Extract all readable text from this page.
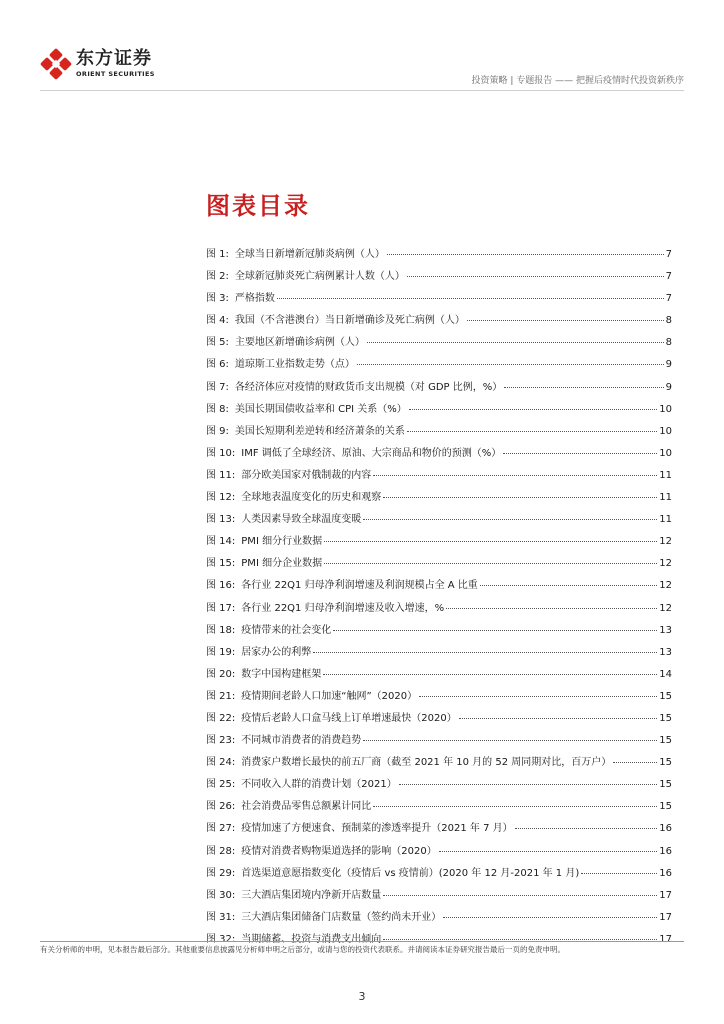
东方证券
ORIENT SECURITIES
投资策略 | 专题报告 —— 把握后疫情时代投资新秩序
图表目录
图 1: 全球当日新增新冠肺炎病例（人）	7
图 2: 全球新冠肺炎死亡病例累计人数（人）	7
图 3: 严格指数	7
图 4: 我国（不含港澳台）当日新增确诊及死亡病例（人）	8
图 5: 主要地区新增确诊病例（人）	8
图 6: 道琼斯工业指数走势（点）	9
图 7: 各经济体应对疫情的财政货币支出规模（对 GDP 比例，%）	9
图 8: 美国长期国债收益率和 CPI 关系（%）	10
图 9: 美国长短期利差逆转和经济萧条的关系	10
图 10: IMF 调低了全球经济、原油、大宗商品和物价的预测（%）	10
图 11: 部分欧美国家对俄制裁的内容	11
图 12: 全球地表温度变化的历史和观察	11
图 13: 人类因素导致全球温度变暖	11
图 14: PMI 细分行业数据	12
图 15: PMI 细分企业数据	12
图 16: 各行业 22Q1 归母净利润增速及利润规模占全 A 比重	12
图 17: 各行业 22Q1 归母净利润增速及收入增速，%	12
图 18: 疫情带来的社会变化	13
图 19: 居家办公的利弊	13
图 20: 数字中国构建框架	14
图 21: 疫情期间老龄人口加速“触网”（2020）	15
图 22: 疫情后老龄人口盒马线上订单增速最快（2020）	15
图 23: 不同城市消费者的消费趋势	15
图 24: 消费家户数增长最快的前五厂商（截至 2021 年 10 月的 52 周同期对比，百万户）	15
图 25: 不同收入人群的消费计划（2021）	15
图 26: 社会消费品零售总额累计同比	15
图 27: 疫情加速了方便速食、预制菜的渗透率提升（2021 年 7 月）	16
图 28: 疫情对消费者购物渠道选择的影响（2020）	16
图 29: 首选渠道意愿指数变化（疫情后 vs 疫情前）(2020 年 12 月-2021 年 1 月)	16
图 30: 三大酒店集团境内净新开店数量	17
图 31: 三大酒店集团储备门店数量（签约尚未开业）	17
图 32: 当期储蓄、投资与消费支出倾向	17
有关分析师的申明，见本报告最后部分。其他重要信息披露见分析师申明之后部分，或请与您的投资代表联系。并请阅读本证券研究报告最后一页的免责申明。
3
